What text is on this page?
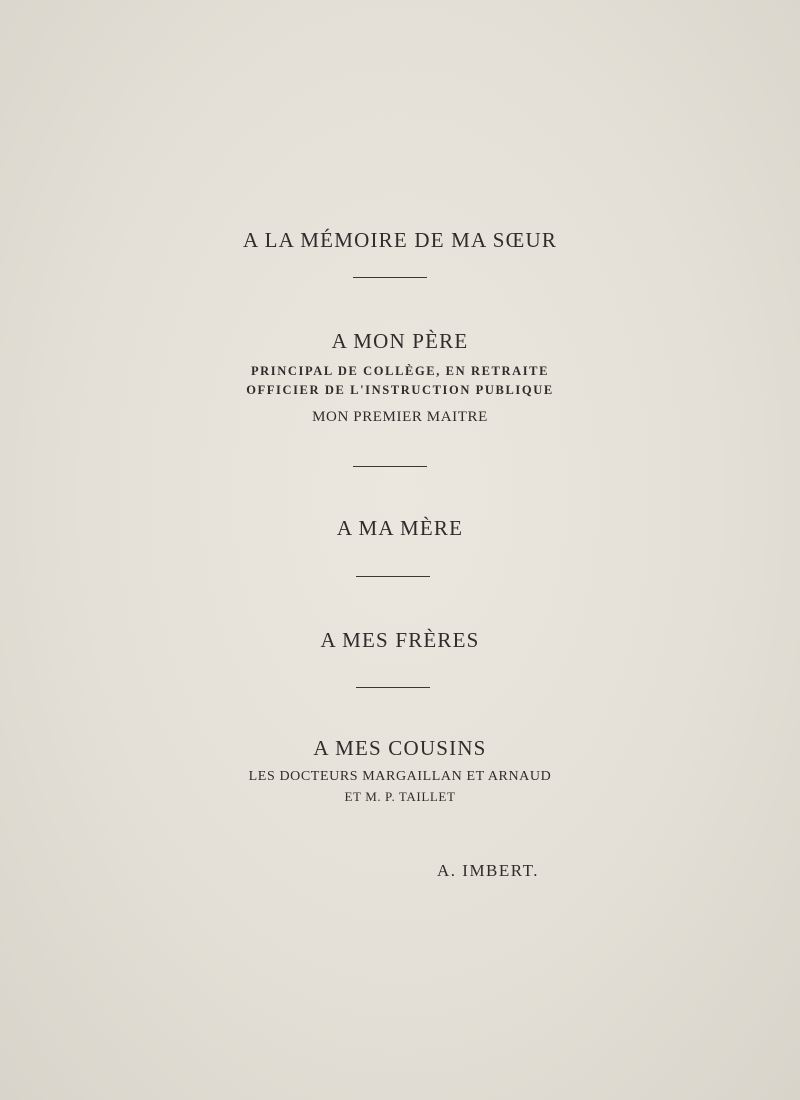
A LA MÉMOIRE DE MA SŒUR
A MON PÈRE
PRINCIPAL DE COLLÈGE, EN RETRAITE
OFFICIER DE L'INSTRUCTION PUBLIQUE
MON PREMIER MAITRE
A MA MÈRE
A MES FRÈRES
A MES COUSINS
LES DOCTEURS MARGAILLAN ET ARNAUD
ET M. P. TAILLET
A. IMBERT.
